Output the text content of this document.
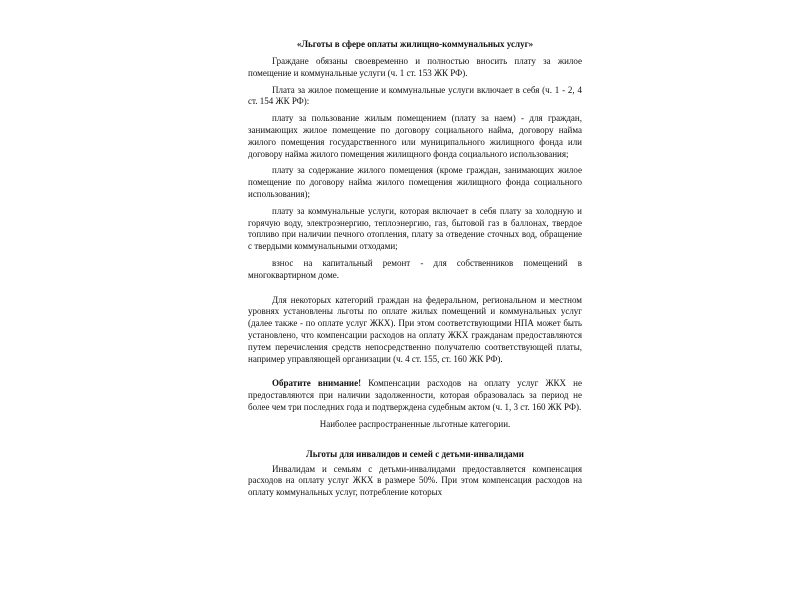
«Льготы в сфере оплаты жилищно-коммунальных услуг»

Граждане обязаны своевременно и полностью вносить плату за жилое помещение и коммунальные услуги (ч. 1 ст. 153 ЖК РФ).

Плата за жилое помещение и коммунальные услуги включает в себя (ч. 1 - 2, 4 ст. 154 ЖК РФ):

плату за пользование жилым помещением (плату за наем) - для граждан, занимающих жилое помещение по договору социального найма, договору найма жилого помещения государственного или муниципального жилищного фонда или договору найма жилого помещения жилищного фонда социального использования;

плату за содержание жилого помещения (кроме граждан, занимающих жилое помещение по договору найма жилого помещения жилищного фонда социального использования);

плату за коммунальные услуги, которая включает в себя плату за холодную и горячую воду, электроэнергию, теплоэнергию, газ, бытовой газ в баллонах, твердое топливо при наличии печного отопления, плату за отведение сточных вод, обращение с твердыми коммунальными отходами;

взнос на капитальный ремонт - для собственников помещений в многоквартирном доме.

Для некоторых категорий граждан на федеральном, региональном и местном уровнях установлены льготы по оплате жилых помещений и коммунальных услуг (далее также - по оплате услуг ЖКХ). При этом соответствующими НПА может быть установлено, что компенсации расходов на оплату ЖКХ гражданам предоставляются путем перечисления средств непосредственно получателю соответствующей платы, например управляющей организации (ч. 4 ст. 155, ст. 160 ЖК РФ).

Обратите внимание! Компенсации расходов на оплату услуг ЖКХ не предоставляются при наличии задолженности, которая образовалась за период не более чем три последних года и подтверждена судебным актом (ч. 1, 3 ст. 160 ЖК РФ).

Наиболее распространенные льготные категории.

Льготы для инвалидов и семей с детьми-инвалидами

Инвалидам и семьям с детьми-инвалидами предоставляется компенсация расходов на оплату услуг ЖКХ в размере 50%. При этом компенсация расходов на оплату коммунальных услуг, потребление которых
